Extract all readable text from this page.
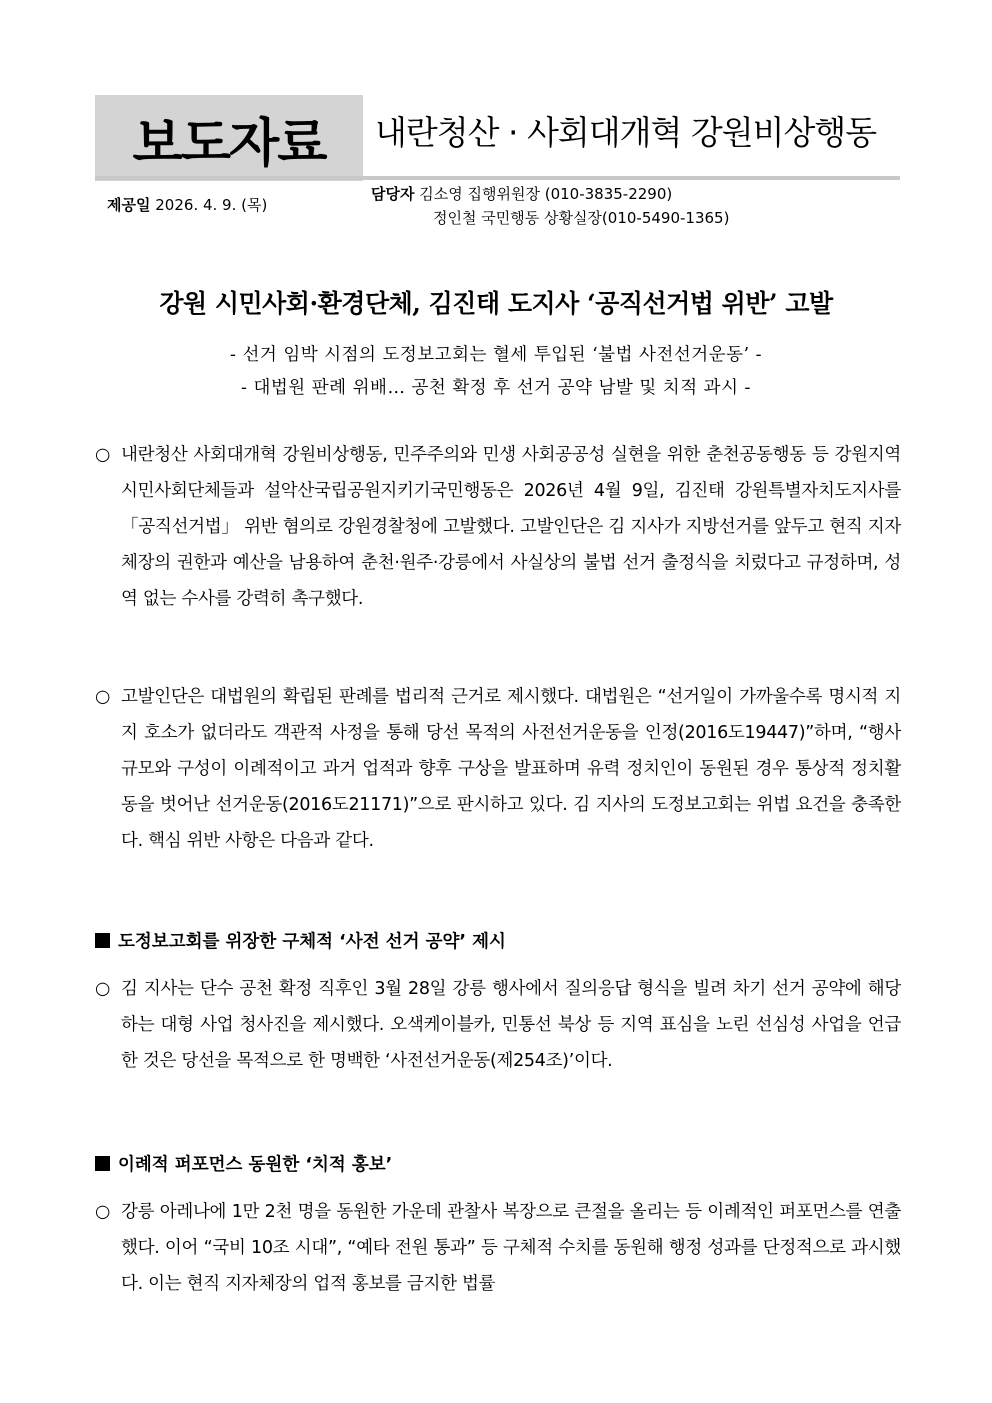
보도자료	내란청산 · 사회대개혁 강원비상행동
제공일 2026. 4. 9. (목)
담당자 김소영 집행위원장 (010-3835-2290)
정인철 국민행동 상황실장(010-5490-1365)
강원 시민사회·환경단체, 김진태 도지사 ‘공직선거법 위반’ 고발
- 선거 임박 시점의 도정보고회는 혈세 투입된 ‘불법 사전선거운동’ -
- 대법원 판례 위배… 공천 확정 후 선거 공약 남발 및 치적 과시 -
○ 내란청산 사회대개혁 강원비상행동, 민주주의와 민생 사회공공성 실현을 위한 춘천공동행동 등 강원지역 시민사회단체들과 설악산국립공원지키기국민행동은 2026년 4월 9일, 김진태 강원특별자치도지사를 「공직선거법」 위반 혐의로 강원경찰청에 고발했다. 고발인단은 김 지사가 지방선거를 앞두고 현직 지자체장의 권한과 예산을 남용하여 춘천·원주·강릉에서 사실상의 불법 선거 출정식을 치렀다고 규정하며, 성역 없는 수사를 강력히 촉구했다.
○ 고발인단은 대법원의 확립된 판례를 법리적 근거로 제시했다. 대법원은 “선거일이 가까울수록 명시적 지지 호소가 없더라도 객관적 사정을 통해 당선 목적의 사전선거운동을 인정(2016도19447)”하며, “행사 규모와 구성이 이례적이고 과거 업적과 향후 구상을 발표하며 유력 정치인이 동원된 경우 통상적 정치활동을 벗어난 선거운동(2016도21171)”으로 판시하고 있다. 김 지사의 도정보고회는 위법 요건을 충족한다. 핵심 위반 사항은 다음과 같다.
도정보고회를 위장한 구체적 ‘사전 선거 공약’ 제시
○ 김 지사는 단수 공천 확정 직후인 3월 28일 강릉 행사에서 질의응답 형식을 빌려 차기 선거 공약에 해당하는 대형 사업 청사진을 제시했다. 오색케이블카, 민통선 북상 등 지역 표심을 노린 선심성 사업을 언급한 것은 당선을 목적으로 한 명백한 ‘사전선거운동(제254조)’이다.
이례적 퍼포먼스 동원한 ‘치적 홍보’
○ 강릉 아레나에 1만 2천 명을 동원한 가운데 관찰사 복장으로 큰절을 올리는 등 이례적인 퍼포먼스를 연출했다. 이어 “국비 10조 시대”, “예타 전원 통과” 등 구체적 수치를 동원해 행정 성과를 단정적으로 과시했다. 이는 현직 지자체장의 업적 홍보를 금지한 법률
